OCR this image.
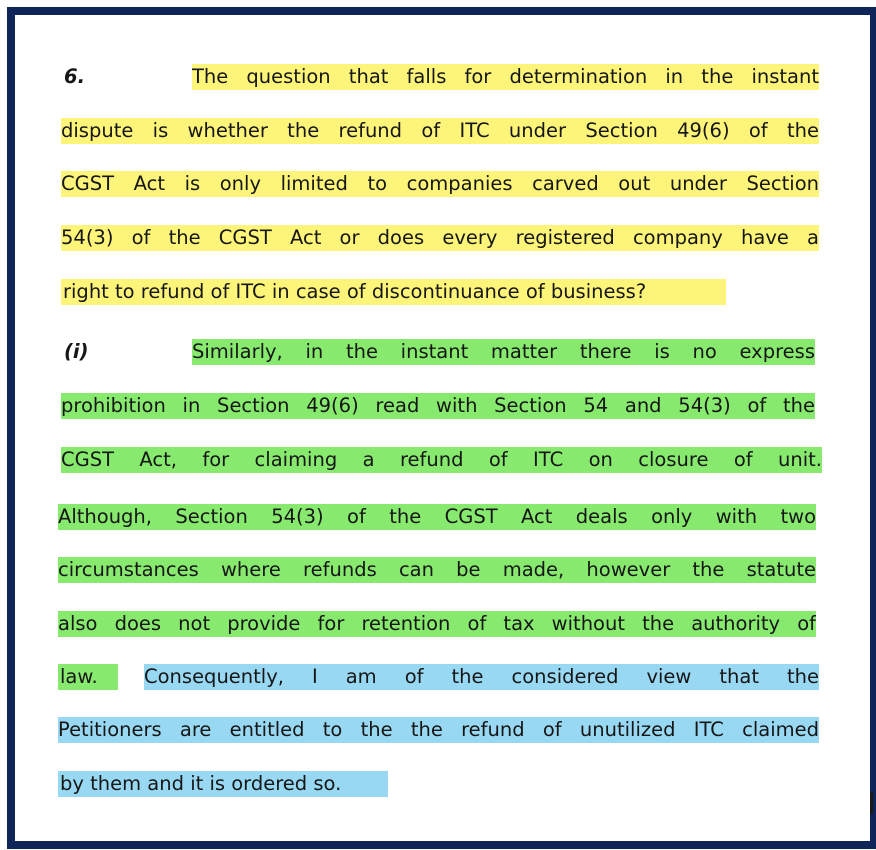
6.	The question that falls for determination in the instant
dispute is whether the refund of ITC under Section 49(6) of the
CGST Act is only limited to companies carved out under Section
54(3) of the CGST Act or does every registered company have a
right to refund of ITC in case of discontinuance of business?
(i)	Similarly, in the instant matter there is no express
prohibition in Section 49(6) read with Section 54 and 54(3) of the
CGST Act, for claiming a refund of ITC on closure of unit.
Although, Section 54(3) of the CGST Act deals only with two
circumstances where refunds can be made, however the statute
also does not provide for retention of tax without the authority of
law.	Consequently, I am of the considered view that the
Petitioners are entitled to the the refund of unutilized ITC claimed
by them and it is ordered so.
